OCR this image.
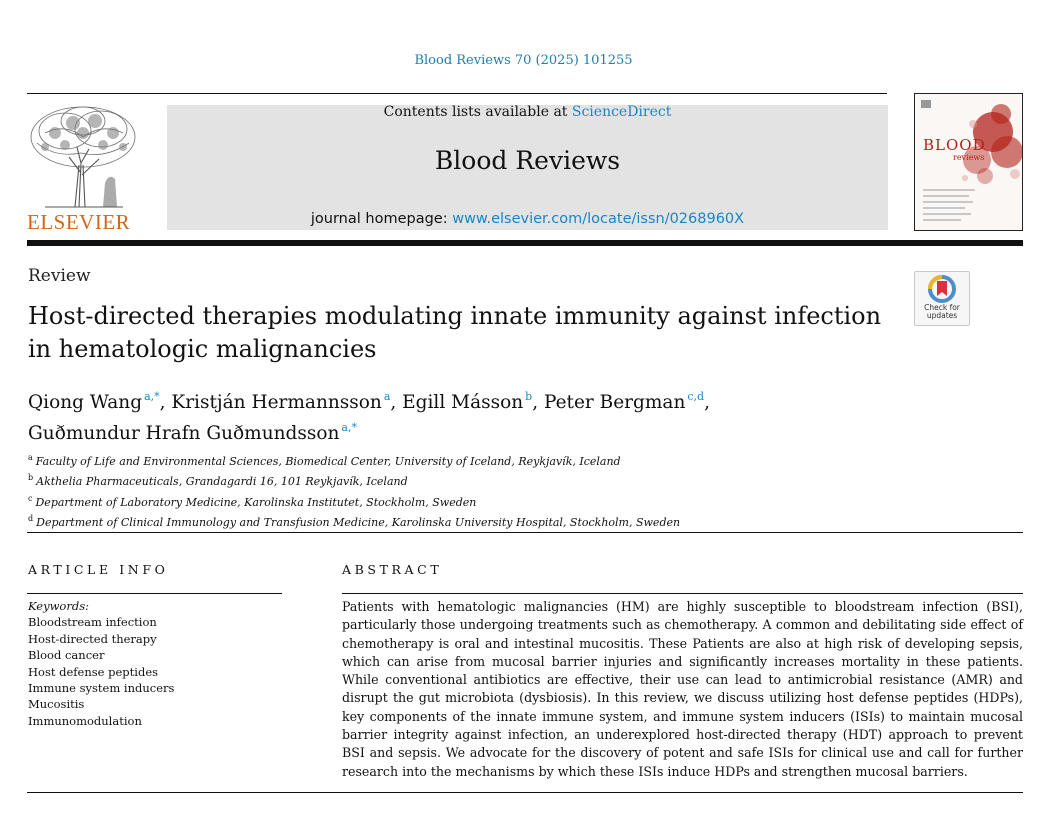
Blood Reviews 70 (2025) 101255
ELSEVIER
Contents lists available at ScienceDirect
Blood Reviews
journal homepage: www.elsevier.com/locate/issn/0268960X
BLOOD
reviews
Review
Host-directed therapies modulating innate immunity against infection in hematologic malignancies
Check for updates
Qiong Wang $^{a,*}$, Kristján Hermannsson $^a$, Egill Másson $^b$, Peter Bergman $^{c,d}$,
Guðmundur Hrafn Guðmundsson $^{a,*}$
$^a$ Faculty of Life and Environmental Sciences, Biomedical Center, University of Iceland, Reykjavík, Iceland
$^b$ Akthelia Pharmaceuticals, Grandagardi 16, 101 Reykjavík, Iceland
$^c$ Department of Laboratory Medicine, Karolinska Institutet, Stockholm, Sweden
$^d$ Department of Clinical Immunology and Transfusion Medicine, Karolinska University Hospital, Stockholm, Sweden
ARTICLE INFO	ABSTRACT
Keywords:
Bloodstream infection
Host-directed therapy
Blood cancer
Host defense peptides
Immune system inducers
Mucositis
Immunomodulation
Patients with hematologic malignancies (HM) are highly susceptible to bloodstream infection (BSI), particularly those undergoing treatments such as chemotherapy. A common and debilitating side effect of chemotherapy is oral and intestinal mucositis. These Patients are also at high risk of developing sepsis, which can arise from mucosal barrier injuries and significantly increases mortality in these patients. While conventional antibiotics are effective, their use can lead to antimicrobial resistance (AMR) and disrupt the gut microbiota (dysbiosis). In this review, we discuss utilizing host defense peptides (HDPs), key components of the innate immune system, and immune system inducers (ISIs) to maintain mucosal barrier integrity against infection, an underexplored host-directed therapy (HDT) approach to prevent BSI and sepsis. We advocate for the discovery of potent and safe ISIs for clinical use and call for further research into the mechanisms by which these ISIs induce HDPs and strengthen mucosal barriers.
